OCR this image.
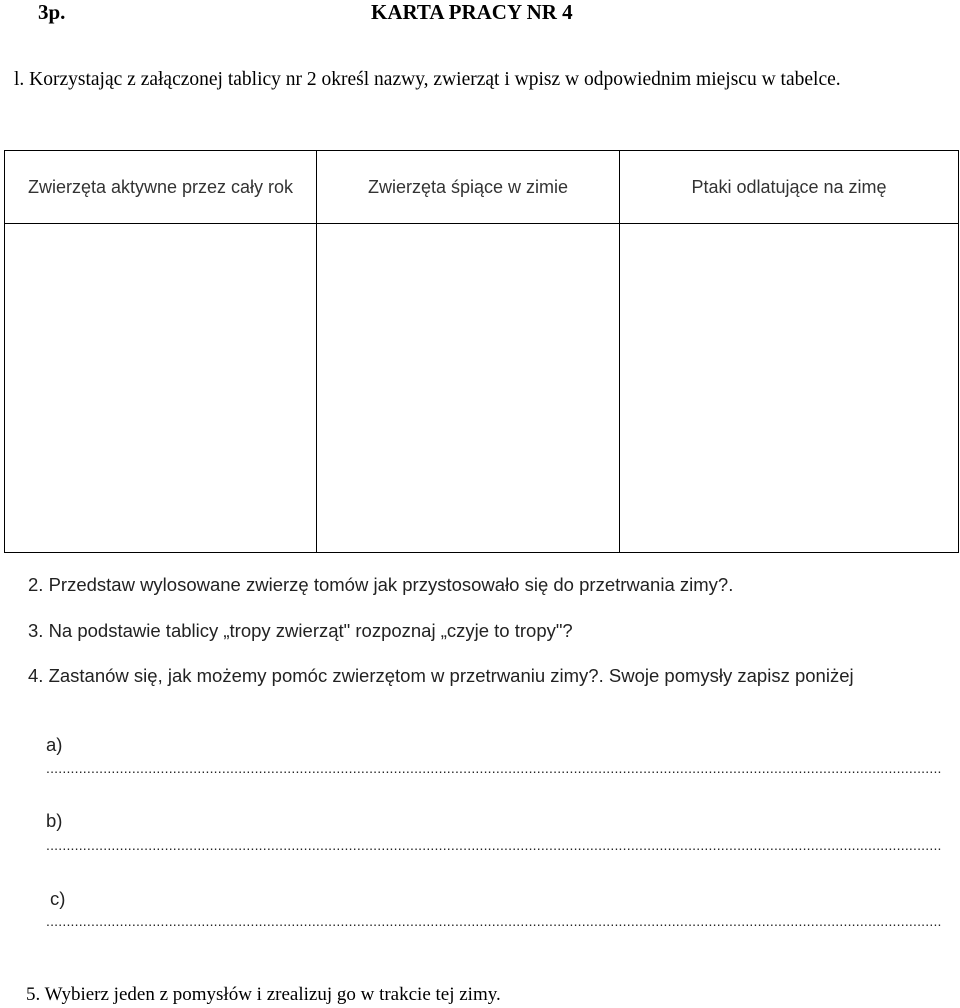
3p.	KARTA PRACY NR 4
l. Korzystając z załączonej tablicy nr 2 określ nazwy, zwierząt i wpisz w odpowiednim miejscu w tabelce.
Zwierzęta aktywne przez cały rok	Zwierzęta śpiące w zimie	Ptaki odlatujące na zimę

2. Przedstaw wylosowane zwierzę tomów jak przystosowało się do przetrwania zimy?.
3. Na podstawie tablicy „tropy zwierząt" rozpoznaj „czyje to tropy"?
4. Zastanów się, jak możemy pomóc zwierzętom w przetrwaniu zimy?. Swoje pomysły zapisz poniżej
a)
...........................................................................................................................................................................................................................
b)
...........................................................................................................................................................................................................................
c)
...........................................................................................................................................................................................................................
5. Wybierz jeden z pomysłów i zrealizuj go w trakcie tej zimy.
